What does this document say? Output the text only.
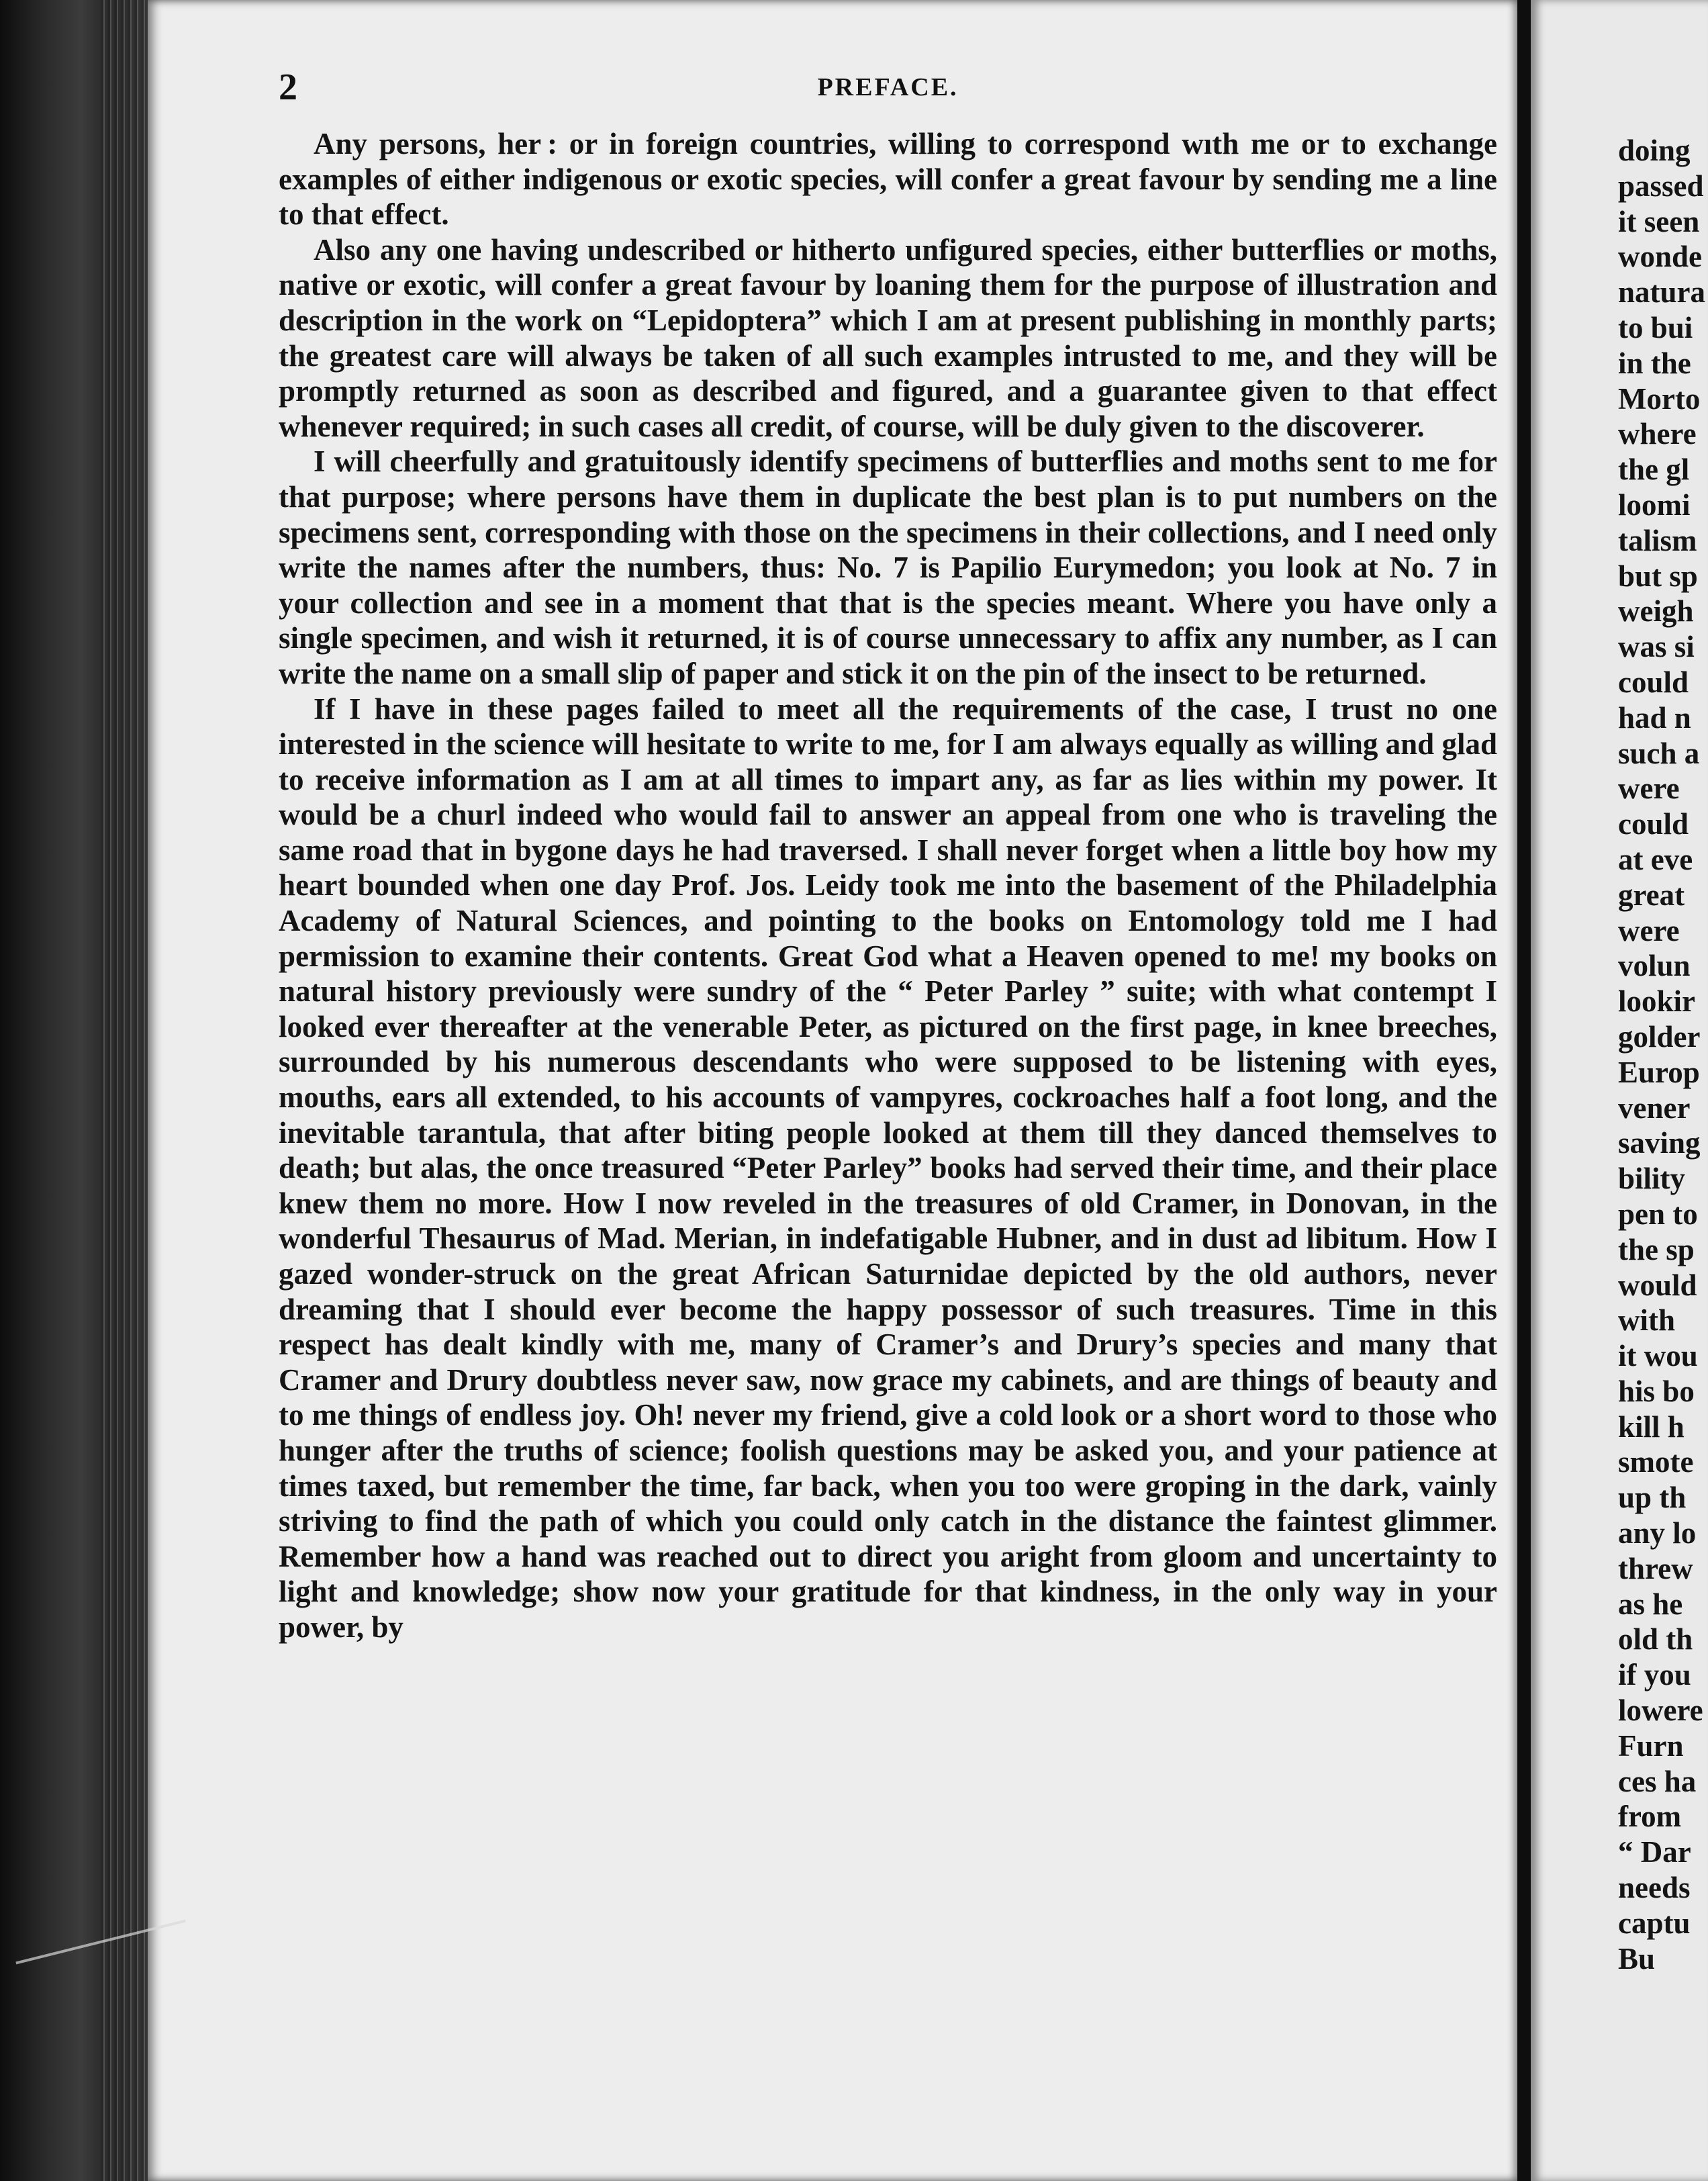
2	PREFACE.

Any persons, her : or in foreign countries, willing to correspond wıth me or to exchange examples of either indigenous or exotic species, will confer a great favour by sending me a line to that effect.

Also any one having undescribed or hitherto unfigured species, either butterflies or moths, native or exotic, will confer a great favour by loaning them for the purpose of illustration and description in the work on “Lepidoptera” which I am at present publishing in monthly parts; the greatest care will always be taken of all such examples intrusted to me, and they will be promptly returned as soon as described and figured, and a guarantee given to that effect whenever required; in such cases all credit, of course, will be duly given to the discoverer.

I will cheerfully and gratuitously identify specimens of butterflies and moths sent to me for that purpose; where persons have them in duplicate the best plan is to put numbers on the specimens sent, corresponding with those on the specimens in their collections, and I need only write the names after the numbers, thus: No. 7 is Papilio Eurymedon; you look at No. 7 in your collection and see in a moment that that is the species meant. Where you have only a single specimen, and wish it returned, it is of course unnecessary to affix any number, as I can write the name on a small slip of paper and stick it on the pin of the insect to be returned.

If I have in these pages failed to meet all the requirements of the case, I trust no one interested in the science will hesitate to write to me, for I am always equally as willing and glad to receive information as I am at all times to impart any, as far as lies within my power. It would be a churl indeed who would fail to answer an appeal from one who is traveling the same road that in bygone days he had traversed. I shall never forget when a little boy how my heart bounded when one day Prof. Jos. Leidy took me into the basement of the Philadelphia Academy of Natural Sciences, and pointing to the books on Entomology told me I had permission to examine their contents. Great God what a Heaven opened to me! my books on natural history previously were sundry of the “ Peter Parley ” suite; with what contempt I looked ever thereafter at the venerable Peter, as pictured on the first page, in knee breeches, surrounded by his numerous descendants who were supposed to be listening with eyes, mouths, ears all extended, to his accounts of vampyres, cockroaches half a foot long, and the inevitable tarantula, that after biting people looked at them till they danced themselves to death; but alas, the once treasured “Peter Parley” books had served their time, and their place knew them no more. How I now reveled in the treasures of old Cramer, in Donovan, in the wonderful Thesaurus of Mad. Merian, in indefatigable Hubner, and in dust ad libitum. How I gazed wonder-struck on the great African Saturnidae depicted by the old authors, never dreaming that I should ever become the happy possessor of such treasures. Time in this respect has dealt kindly with me, many of Cramer’s and Drury’s species and many that Cramer and Drury doubtless never saw, now grace my cabinets, and are things of beauty and to me things of endless joy. Oh! never my friend, give a cold look or a short word to those who hunger after the truths of science; foolish questions may be asked you, and your patience at times taxed, but remember the time, far back, when you too were groping in the dark, vainly striving to find the path of which you could only catch in the distance the faintest glimmer. Remember how a hand was reached out to direct you aright from gloom and uncertainty to light and knowledge; show now your gratitude for that kindness, in the only way in your power, by

doing
passed
it seen
wonde
natura
to bui
in the
Morto
where
the gl
loomi
talism
but sp
weigh
was si
could
had n
such a
were
could
at eve
great
were
volun
lookir
golder
Europ
vener
saving
bility
pen to
the sp
would
with
it wou
his bo
kill h
smote
up th
any lo
threw
as he
old th
if you
lowere
Furn
ces ha
from
“ Dar
needs
captu
Bu
